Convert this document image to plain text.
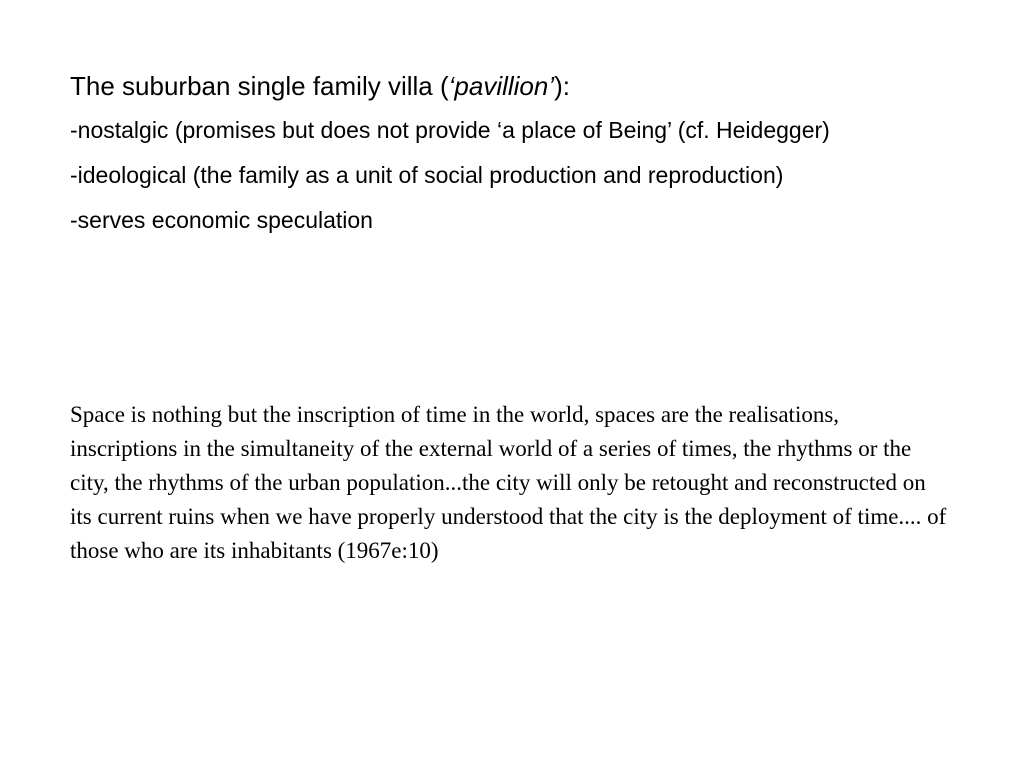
The suburban single family villa (‘pavillion’):

-nostalgic (promises but does not provide ‘a place of Being’ (cf. Heidegger)

-ideological (the family as a unit of social production and reproduction)

-serves economic speculation

Space is nothing but the inscription of time in the world, spaces are the realisations, inscriptions in the simultaneity of the external world of a series of times, the rhythms or the city, the rhythms of the urban population...the city will only be retought and reconstructed on its current ruins when we have properly understood that the city is the deployment of time.... of those who are its inhabitants (1967e:10)
